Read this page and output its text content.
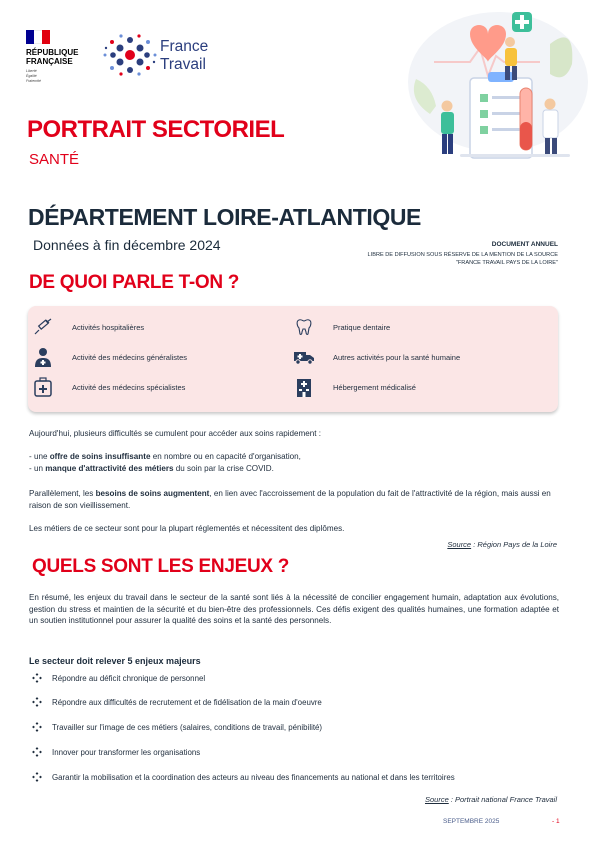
RÉPUBLIQUE
FRANÇAISE
Liberté
Égalité
Fraternité
France
Travail
PORTRAIT SECTORIEL
SANTÉ
DÉPARTEMENT LOIRE-ATLANTIQUE
Données à fin décembre 2024	DOCUMENT ANNUEL
LIBRE DE DIFFUSION SOUS RÉSERVE DE LA MENTION DE LA SOURCE "FRANCE TRAVAIL PAYS DE LA LOIRE"
DE QUOI PARLE T-ON ?
Activités hospitalières	Pratique dentaire
Activité des médecins généralistes	Autres activités pour la santé humaine
Activité des médecins spécialistes	Hébergement médicalisé
Aujourd'hui, plusieurs difficultés se cumulent pour accéder aux soins rapidement :
- une offre de soins insuffisante en nombre ou en capacité d'organisation,
- un manque d'attractivité des métiers du soin par la crise COVID.
Parallèlement, les besoins de soins augmentent, en lien avec l'accroissement de la population du fait de l'attractivité de la région, mais aussi en raison de son vieillissement.
Les métiers de ce secteur sont pour la plupart réglementés et nécessitent des diplômes.
Source : Région Pays de la Loire
QUELS SONT LES ENJEUX ?
En résumé, les enjeux du travail dans le secteur de la santé sont liés à la nécessité de concilier engagement humain, adaptation aux évolutions, gestion du stress et maintien de la sécurité et du bien-être des professionnels. Ces défis exigent des qualités humaines, une formation adaptée et un soutien institutionnel pour assurer la qualité des soins et la santé des personnels.
Le secteur doit relever 5 enjeux majeurs
Répondre au déficit chronique de personnel
Répondre aux difficultés de recrutement et de fidélisation de la main d'oeuvre
Travailler sur l'image de ces métiers (salaires, conditions de travail, pénibilité)
Innover pour transformer les organisations
Garantir la mobilisation et la coordination des acteurs au niveau des financements au national et dans les territoires
Source : Portrait national France Travail
SEPTEMBRE 2025	- 1
